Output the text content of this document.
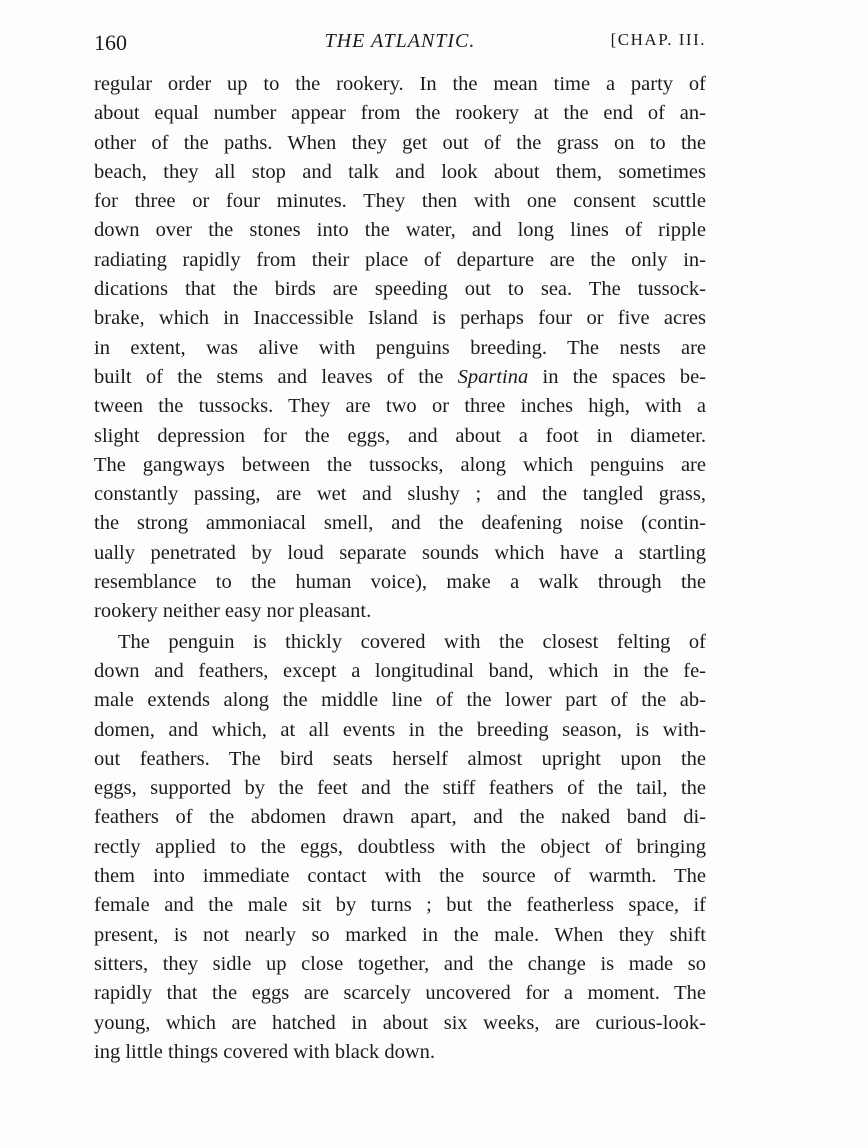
160	THE ATLANTIC.	[CHAP. III.
regular order up to the rookery. In the mean time a party of
about equal number appear from the rookery at the end of an-
other of the paths. When they get out of the grass on to the
beach, they all stop and talk and look about them, sometimes
for three or four minutes. They then with one consent scuttle
down over the stones into the water, and long lines of ripple
radiating rapidly from their place of departure are the only in-
dications that the birds are speeding out to sea. The tussock-
brake, which in Inaccessible Island is perhaps four or five acres
in extent, was alive with penguins breeding. The nests are
built of the stems and leaves of the Spartina in the spaces be-
tween the tussocks. They are two or three inches high, with a
slight depression for the eggs, and about a foot in diameter.
The gangways between the tussocks, along which penguins are
constantly passing, are wet and slushy ; and the tangled grass,
the strong ammoniacal smell, and the deafening noise (contin-
ually penetrated by loud separate sounds which have a startling
resemblance to the human voice), make a walk through the
rookery neither easy nor pleasant.
The penguin is thickly covered with the closest felting of
down and feathers, except a longitudinal band, which in the fe-
male extends along the middle line of the lower part of the ab-
domen, and which, at all events in the breeding season, is with-
out feathers. The bird seats herself almost upright upon the
eggs, supported by the feet and the stiff feathers of the tail, the
feathers of the abdomen drawn apart, and the naked band di-
rectly applied to the eggs, doubtless with the object of bringing
them into immediate contact with the source of warmth. The
female and the male sit by turns ; but the featherless space, if
present, is not nearly so marked in the male. When they shift
sitters, they sidle up close together, and the change is made so
rapidly that the eggs are scarcely uncovered for a moment. The
young, which are hatched in about six weeks, are curious-look-
ing little things covered with black down.
